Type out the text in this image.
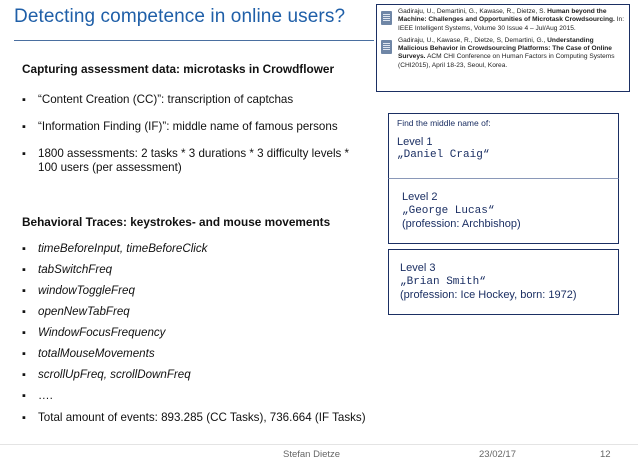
Detecting competence in online users?	Gadiraju, U., Demartini, G., Kawase, R., Dietze, S. Human beyond the Machine: Challenges and Opportunities of Microtask Crowdsourcing. In: IEEE Intelligent Systems, Volume 30 Issue 4 – Jul/Aug 2015.
Gadiraju, U., Kawase, R., Dietze, S, Demartini, G., Understanding Malicious Behavior in Crowdsourcing Platforms: The Case of Online Surveys. ACM CHI Conference on Human Factors in Computing Systems (CHI2015), April 18-23, Seoul, Korea.
Capturing assessment data: microtasks in Crowdflower
▪ “Content Creation (CC)”: transcription of captchas
▪ “Information Finding (IF)”: middle name of famous persons
▪ 1800 assessments: 2 tasks * 3 durations * 3 difficulty levels * 100 users (per assessment)
Behavioral Traces: keystrokes- and mouse movements
▪ timeBeforeInput, timeBeforeClick
▪ tabSwitchFreq
▪ windowToggleFreq
▪ openNewTabFreq
▪ WindowFocusFrequency
▪ totalMouseMovements
▪ scrollUpFreq, scrollDownFreq
▪ ….
▪ Total amount of events: 893.285 (CC Tasks), 736.664 (IF Tasks)
Find the middle name of:
Level 1
„Daniel Craig“
Level 2
„George Lucas“
(profession: Archbishop)
Level 3
„Brian Smith“
(profession: Ice Hockey, born: 1972)
Stefan Dietze	23/02/17	12
